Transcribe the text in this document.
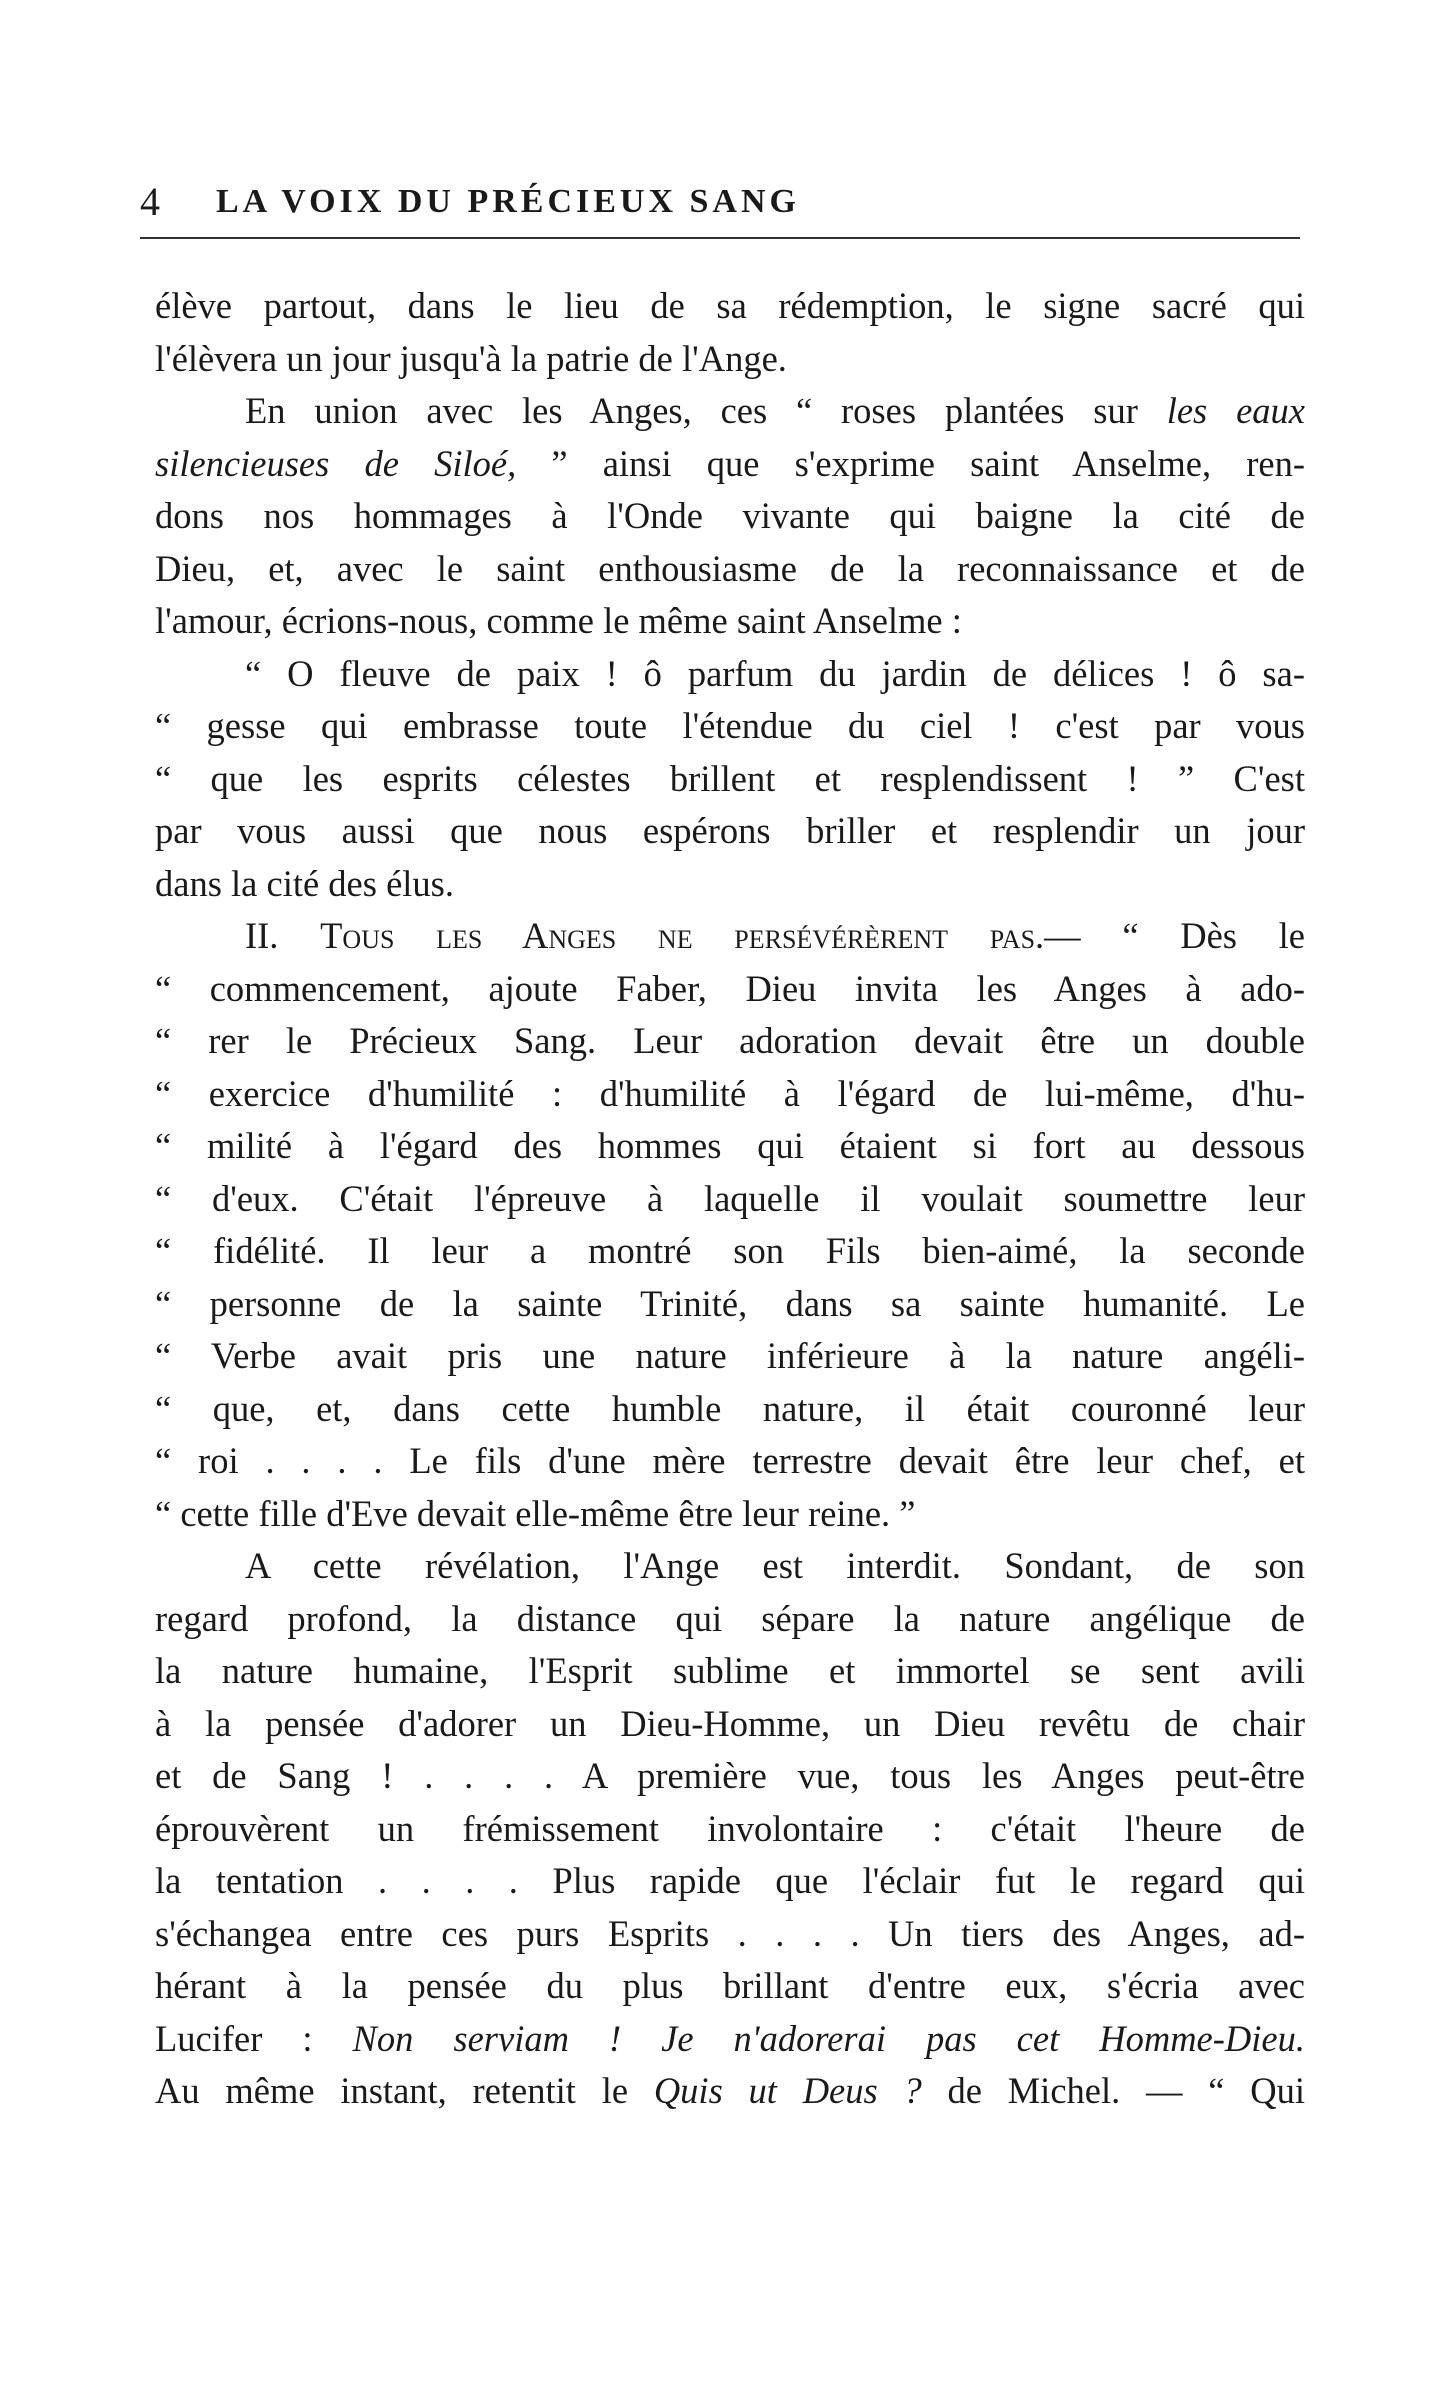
4 LA VOIX DU PRÉCIEUX SANG
élève partout, dans le lieu de sa rédemption, le signe sacré qui
l'élèvera un jour jusqu'à la patrie de l'Ange.
En union avec les Anges, ces “ roses plantées sur les eaux
silencieuses de Siloé, ” ainsi que s'exprime saint Anselme, ren-
dons nos hommages à l'Onde vivante qui baigne la cité de
Dieu, et, avec le saint enthousiasme de la reconnaissance et de
l'amour, écrions-nous, comme le même saint Anselme :
“ O fleuve de paix ! ô parfum du jardin de délices ! ô sa-
“ gesse qui embrasse toute l'étendue du ciel ! c'est par vous
“ que les esprits célestes brillent et resplendissent ! ” C'est
par vous aussi que nous espérons briller et resplendir un jour
dans la cité des élus.
II. Tous les Anges ne persévérèrent pas.— “ Dès le
“ commencement, ajoute Faber, Dieu invita les Anges à ado-
“ rer le Précieux Sang. Leur adoration devait être un double
“ exercice d'humilité : d'humilité à l'égard de lui-même, d'hu-
“ milité à l'égard des hommes qui étaient si fort au dessous
“ d'eux. C'était l'épreuve à laquelle il voulait soumettre leur
“ fidélité. Il leur a montré son Fils bien-aimé, la seconde
“ personne de la sainte Trinité, dans sa sainte humanité. Le
“ Verbe avait pris une nature inférieure à la nature angéli-
“ que, et, dans cette humble nature, il était couronné leur
“ roi . . . . Le fils d'une mère terrestre devait être leur chef, et
“ cette fille d'Eve devait elle-même être leur reine. ”
A cette révélation, l'Ange est interdit. Sondant, de son
regard profond, la distance qui sépare la nature angélique de
la nature humaine, l'Esprit sublime et immortel se sent avili
à la pensée d'adorer un Dieu-Homme, un Dieu revêtu de chair
et de Sang ! . . . . A première vue, tous les Anges peut-être
éprouvèrent un frémissement involontaire : c'était l'heure de
la tentation . . . . Plus rapide que l'éclair fut le regard qui
s'échangea entre ces purs Esprits . . . . Un tiers des Anges, ad-
hérant à la pensée du plus brillant d'entre eux, s'écria avec
Lucifer : Non serviam ! Je n'adorerai pas cet Homme-Dieu.
Au même instant, retentit le Quis ut Deus ? de Michel. — “ Qui
